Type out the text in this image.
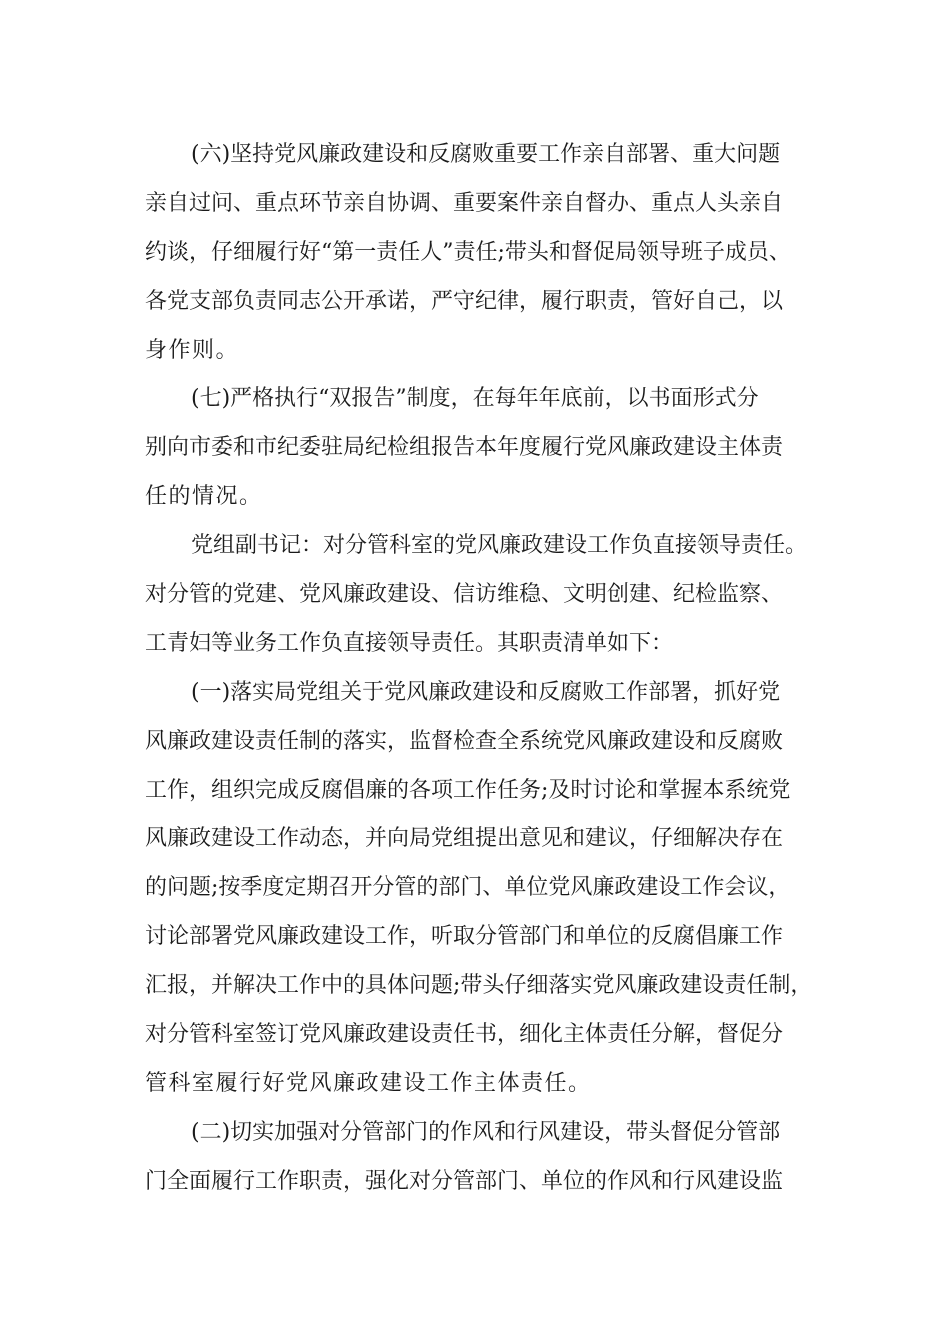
(六)坚持党风廉政建设和反腐败重要工作亲自部署、重大问题
亲自过问、重点环节亲自协调、重要案件亲自督办、重点人头亲自
约谈，仔细履行好“第一责任人”责任;带头和督促局领导班子成员、
各党支部负责同志公开承诺，严守纪律，履行职责，管好自己，以
身作则。
(七)严格执行“双报告”制度，在每年年底前，以书面形式分
别向市委和市纪委驻局纪检组报告本年度履行党风廉政建设主体责
任的情况。
党组副书记：对分管科室的党风廉政建设工作负直接领导责任。
对分管的党建、党风廉政建设、信访维稳、文明创建、纪检监察、
工青妇等业务工作负直接领导责任。其职责清单如下：
(一)落实局党组关于党风廉政建设和反腐败工作部署，抓好党
风廉政建设责任制的落实，监督检查全系统党风廉政建设和反腐败
工作，组织完成反腐倡廉的各项工作任务;及时讨论和掌握本系统党
风廉政建设工作动态，并向局党组提出意见和建议，仔细解决存在
的问题;按季度定期召开分管的部门、单位党风廉政建设工作会议，
讨论部署党风廉政建设工作，听取分管部门和单位的反腐倡廉工作
汇报，并解决工作中的具体问题;带头仔细落实党风廉政建设责任制，
对分管科室签订党风廉政建设责任书，细化主体责任分解，督促分
管科室履行好党风廉政建设工作主体责任。
(二)切实加强对分管部门的作风和行风建设，带头督促分管部
门全面履行工作职责，强化对分管部门、单位的作风和行风建设监
